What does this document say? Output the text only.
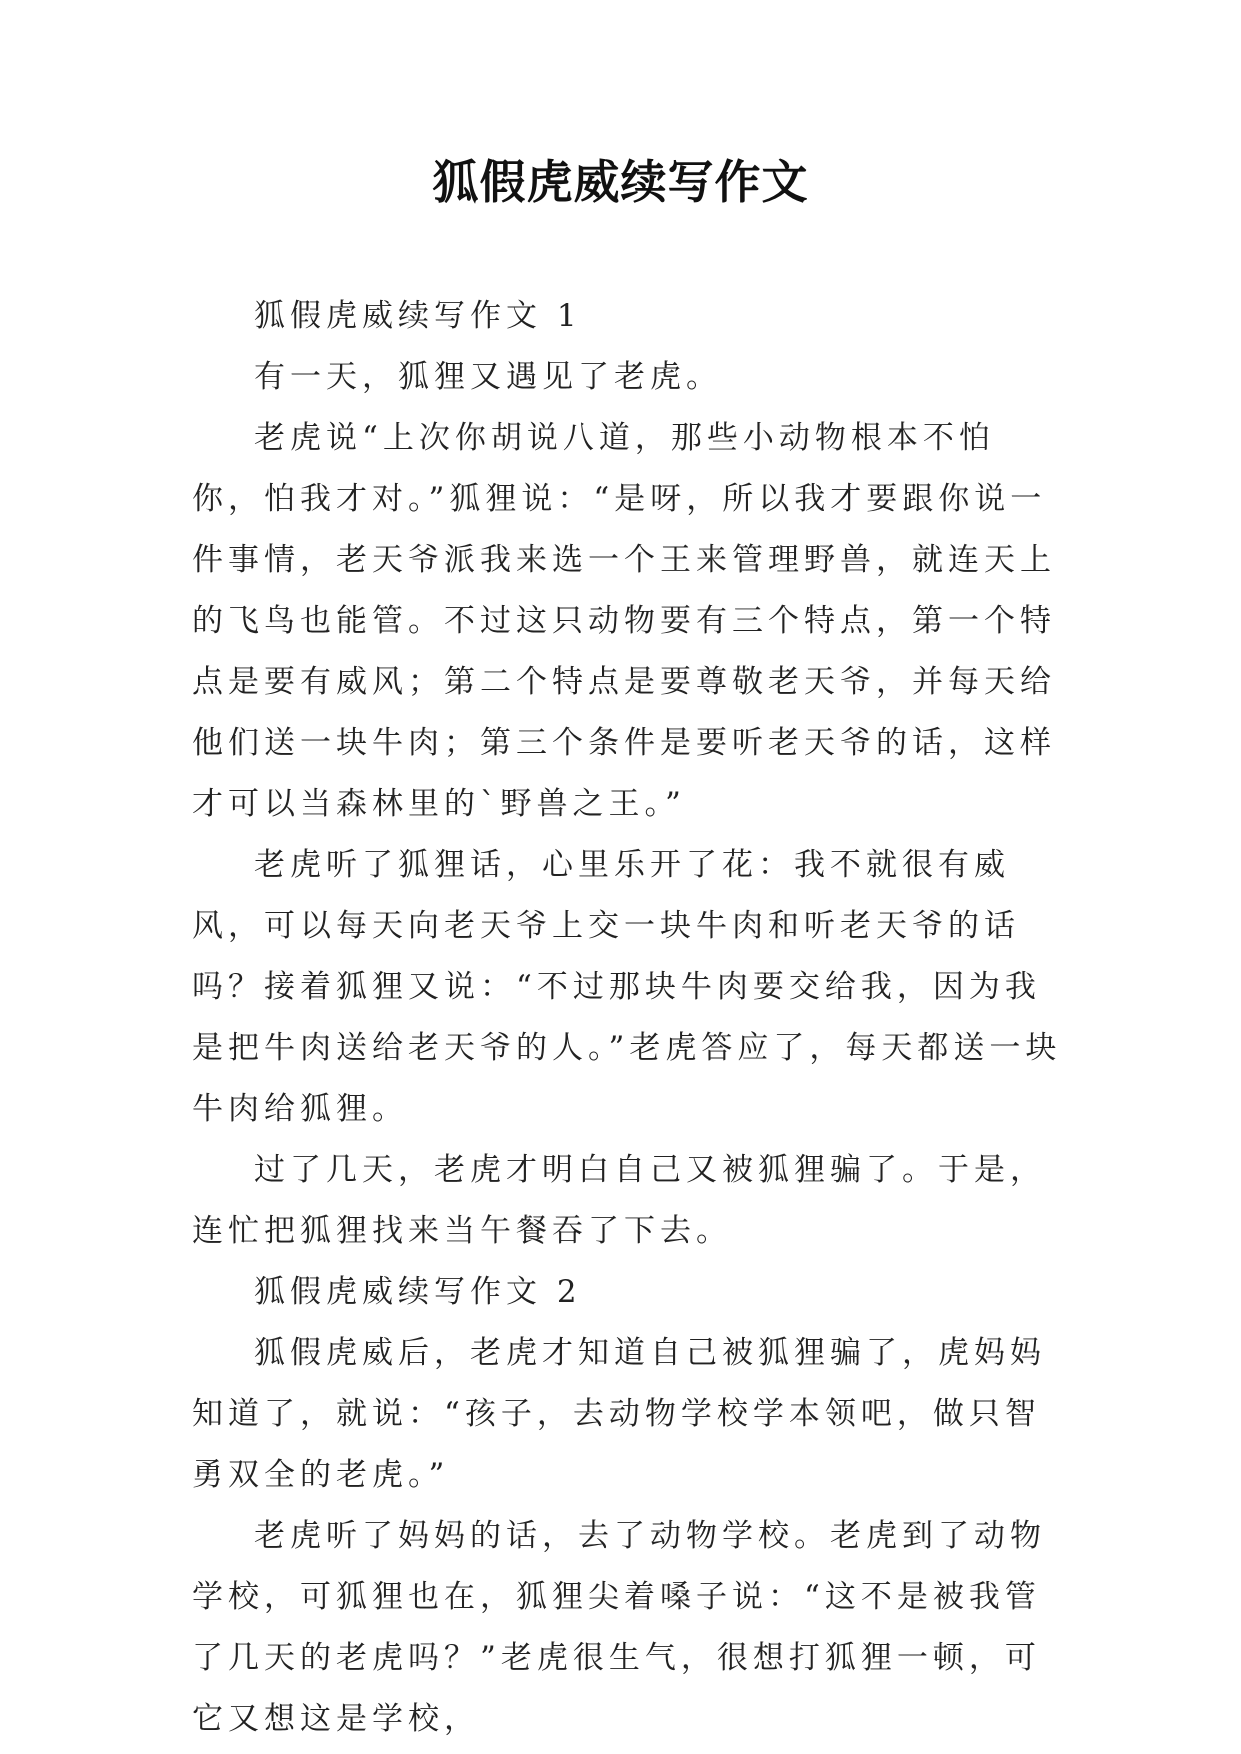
狐假虎威续写作文

狐假虎威续写作文 1

有一天，狐狸又遇见了老虎。

老虎说“上次你胡说八道，那些小动物根本不怕你，怕我才对。”狐狸说：“是呀，所以我才要跟你说一件事情，老天爷派我来选一个王来管理野兽，就连天上的飞鸟也能管。不过这只动物要有三个特点，第一个特点是要有威风；第二个特点是要尊敬老天爷，并每天给他们送一块牛肉；第三个条件是要听老天爷的话，这样才可以当森林里的`野兽之王。”

老虎听了狐狸话，心里乐开了花：我不就很有威风，可以每天向老天爷上交一块牛肉和听老天爷的话吗？接着狐狸又说：“不过那块牛肉要交给我，因为我是把牛肉送给老天爷的人。”老虎答应了，每天都送一块牛肉给狐狸。

过了几天，老虎才明白自己又被狐狸骗了。于是，连忙把狐狸找来当午餐吞了下去。

狐假虎威续写作文 2

狐假虎威后，老虎才知道自己被狐狸骗了，虎妈妈知道了，就说：“孩子，去动物学校学本领吧，做只智勇双全的老虎。”

老虎听了妈妈的话，去了动物学校。老虎到了动物学校，可狐狸也在，狐狸尖着嗓子说：“这不是被我管了几天的老虎吗？”老虎很生气，很想打狐狸一顿，可它又想这是学校，
